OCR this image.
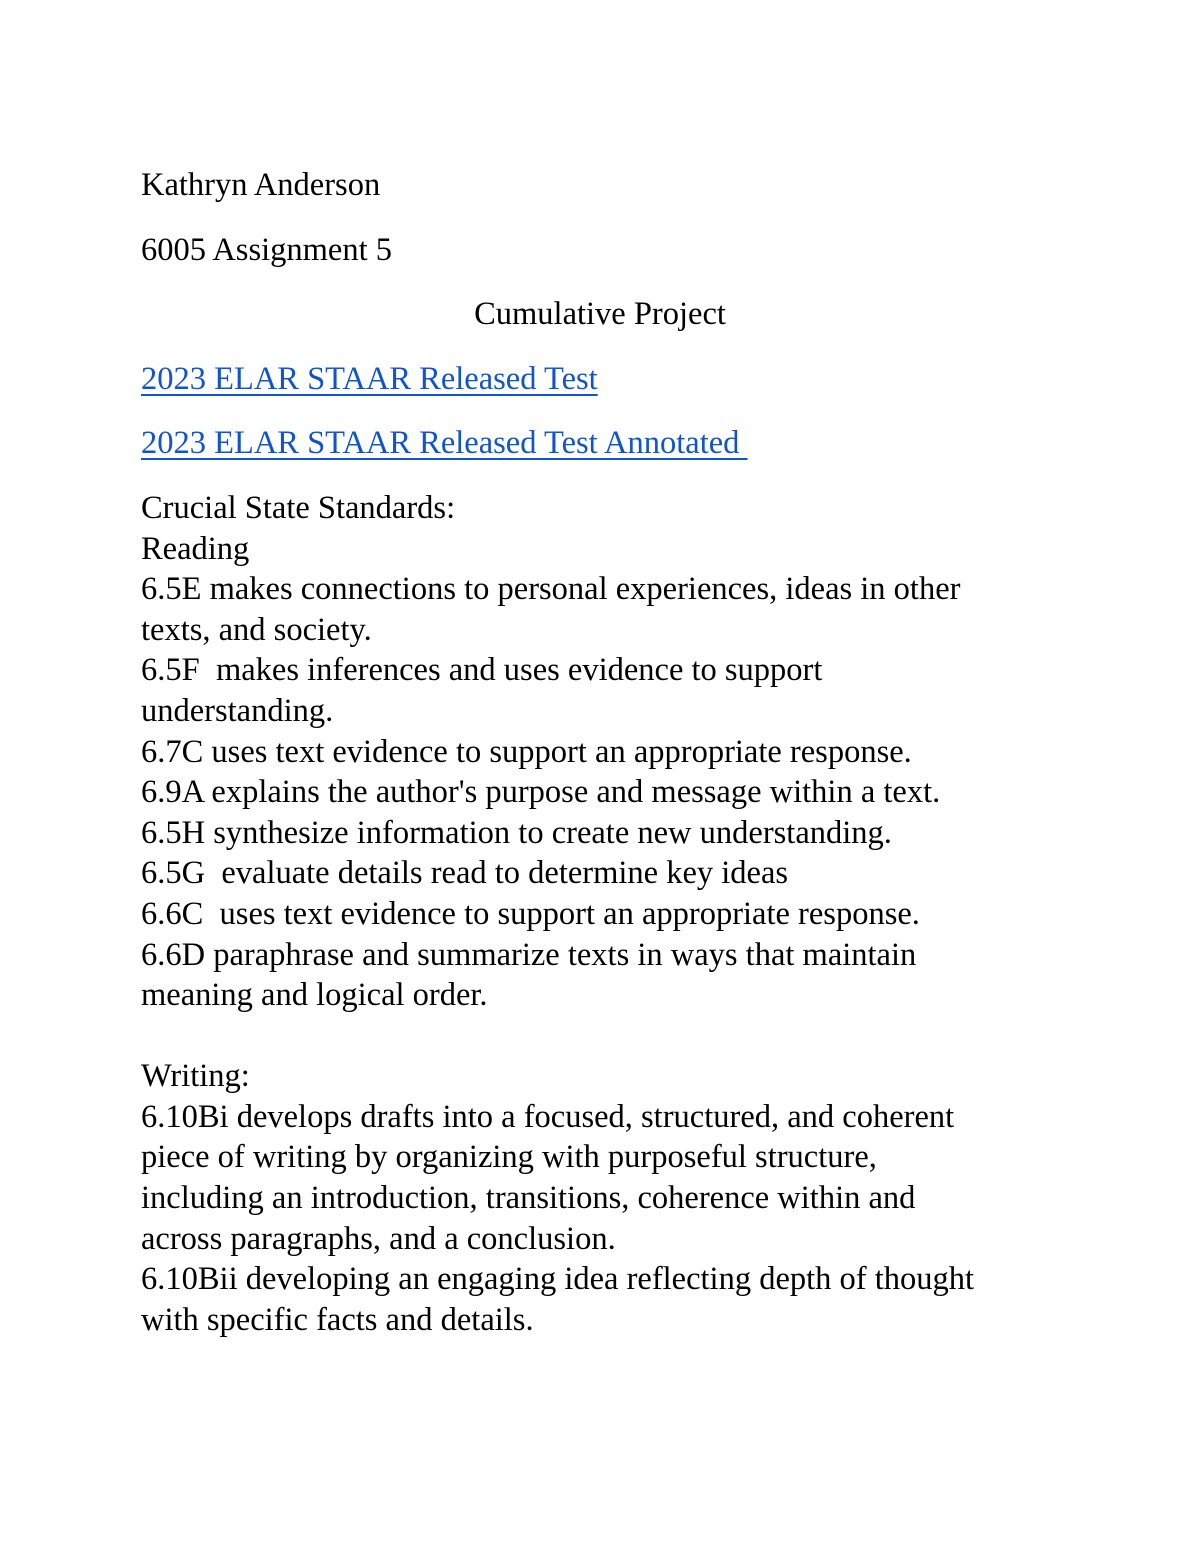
Kathryn Anderson

6005 Assignment 5

Cumulative Project

2023 ELAR STAAR Released Test

2023 ELAR STAAR Released Test Annotated

Crucial State Standards:
Reading
6.5E makes connections to personal experiences, ideas in other
texts, and society.
6.5F  makes inferences and uses evidence to support
understanding.
6.7C uses text evidence to support an appropriate response.
6.9A explains the author's purpose and message within a text.
6.5H synthesize information to create new understanding.
6.5G  evaluate details read to determine key ideas
6.6C  uses text evidence to support an appropriate response.
6.6D paraphrase and summarize texts in ways that maintain
meaning and logical order.
Writing:
6.10Bi develops drafts into a focused, structured, and coherent
piece of writing by organizing with purposeful structure,
including an introduction, transitions, coherence within and
across paragraphs, and a conclusion.
6.10Bii developing an engaging idea reflecting depth of thought
with specific facts and details.
